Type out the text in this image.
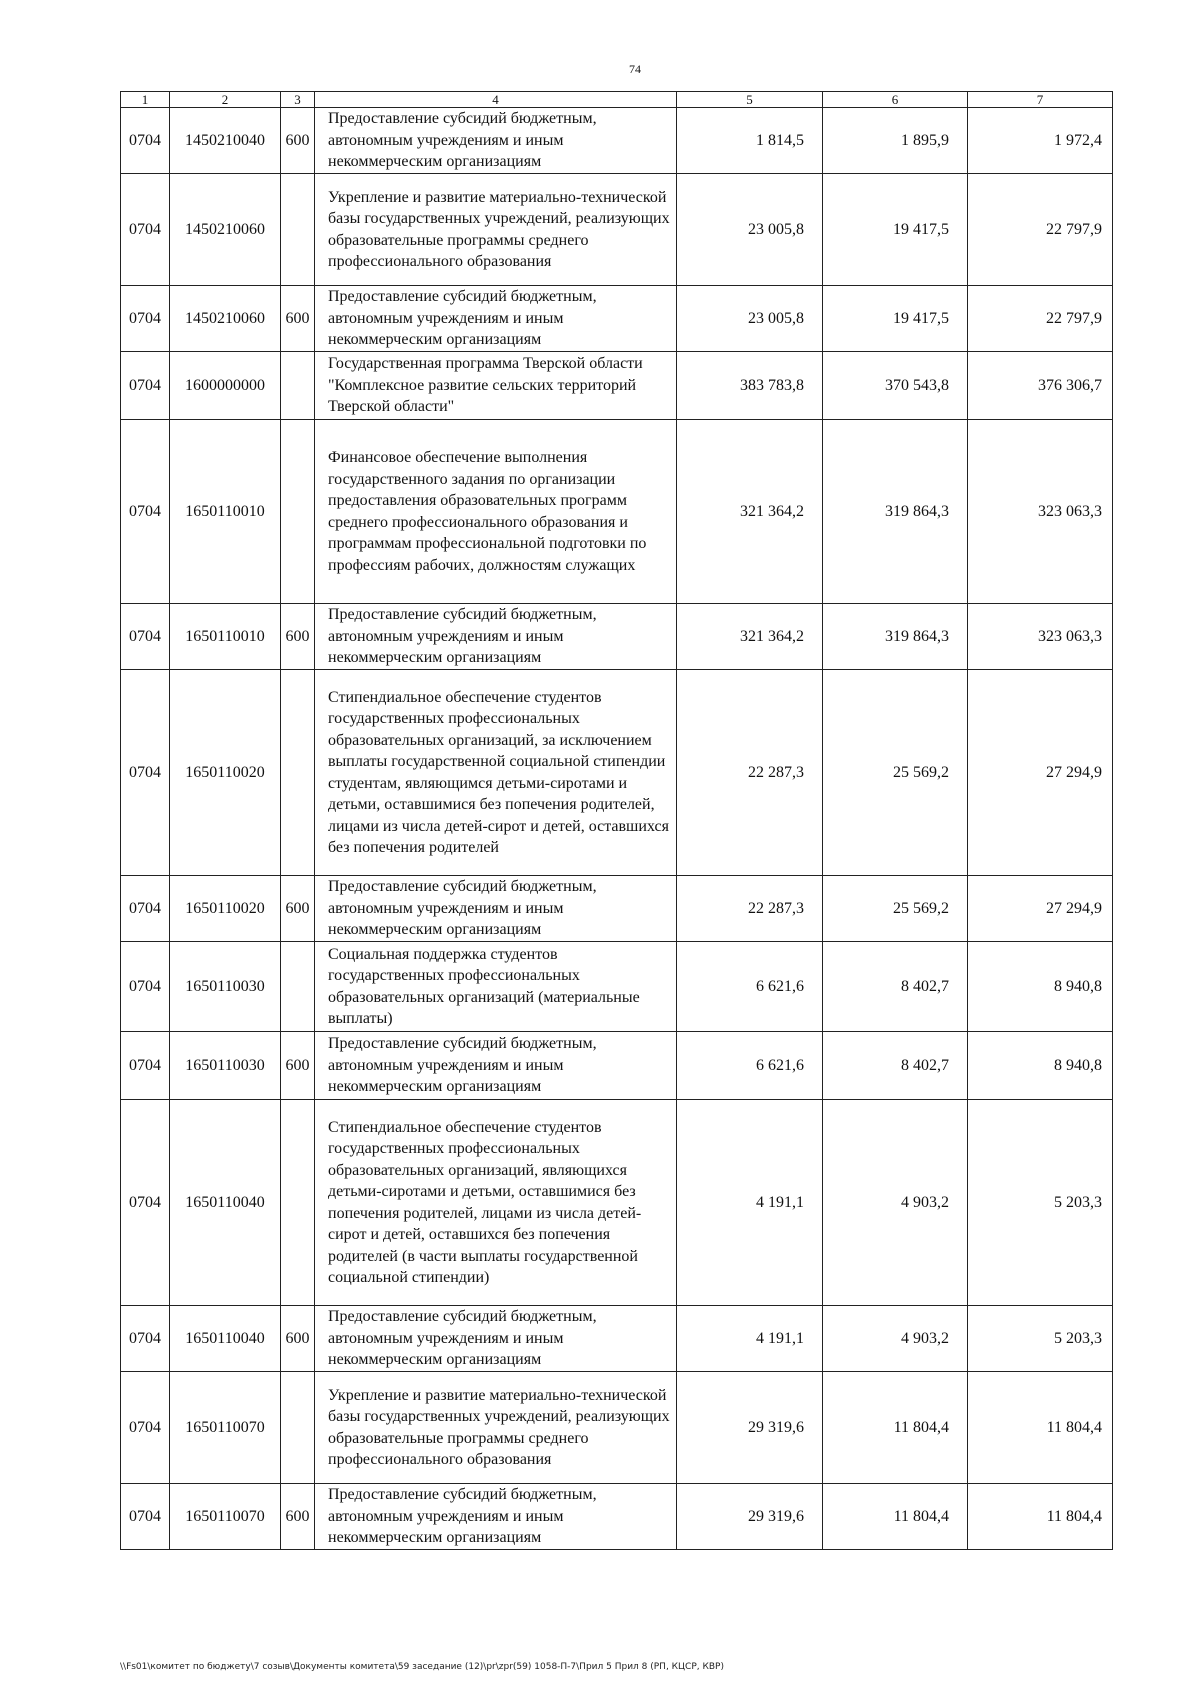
74
1	2	3	4	5	6	7
0704	1450210040	600	Предоставление субсидий бюджетным, автономным учреждениям и иным некоммерческим организациям	1 814,5	1 895,9	1 972,4
0704	1450210060		Укрепление и развитие материально-технической базы государственных учреждений, реализующих образовательные программы среднего профессионального образования	23 005,8	19 417,5	22 797,9
0704	1450210060	600	Предоставление субсидий бюджетным, автономным учреждениям и иным некоммерческим организациям	23 005,8	19 417,5	22 797,9
0704	1600000000		Государственная программа Тверской области "Комплексное развитие сельских территорий Тверской области"	383 783,8	370 543,8	376 306,7
0704	1650110010		Финансовое обеспечение выполнения государственного задания по организации предоставления образовательных программ среднего профессионального образования и программам профессиональной подготовки по профессиям рабочих, должностям служащих	321 364,2	319 864,3	323 063,3
0704	1650110010	600	Предоставление субсидий бюджетным, автономным учреждениям и иным некоммерческим организациям	321 364,2	319 864,3	323 063,3
0704	1650110020		Стипендиальное обеспечение студентов государственных профессиональных образовательных организаций, за исключением выплаты государственной социальной стипендии студентам, являющимся детьми-сиротами и детьми, оставшимися без попечения родителей, лицами из числа детей-сирот и детей, оставшихся без попечения родителей	22 287,3	25 569,2	27 294,9
0704	1650110020	600	Предоставление субсидий бюджетным, автономным учреждениям и иным некоммерческим организациям	22 287,3	25 569,2	27 294,9
0704	1650110030		Социальная поддержка студентов государственных профессиональных образовательных организаций (материальные выплаты)	6 621,6	8 402,7	8 940,8
0704	1650110030	600	Предоставление субсидий бюджетным, автономным учреждениям и иным некоммерческим организациям	6 621,6	8 402,7	8 940,8
0704	1650110040		Стипендиальное обеспечение студентов государственных профессиональных образовательных организаций, являющихся детьми-сиротами и детьми, оставшимися без попечения родителей, лицами из числа детей-сирот и детей, оставшихся без попечения родителей (в части выплаты государственной социальной стипендии)	4 191,1	4 903,2	5 203,3
0704	1650110040	600	Предоставление субсидий бюджетным, автономным учреждениям и иным некоммерческим организациям	4 191,1	4 903,2	5 203,3
0704	1650110070		Укрепление и развитие материально-технической базы государственных учреждений, реализующих образовательные программы среднего профессионального образования	29 319,6	11 804,4	11 804,4
0704	1650110070	600	Предоставление субсидий бюджетным, автономным учреждениям и иным некоммерческим организациям	29 319,6	11 804,4	11 804,4
\\Fs01\комитет по бюджету\7 созыв\Документы комитета\59 заседание (12)\pr\zpr(59) 1058-П-7\Прил 5 Прил 8 (РП, КЦСР, КВР)
